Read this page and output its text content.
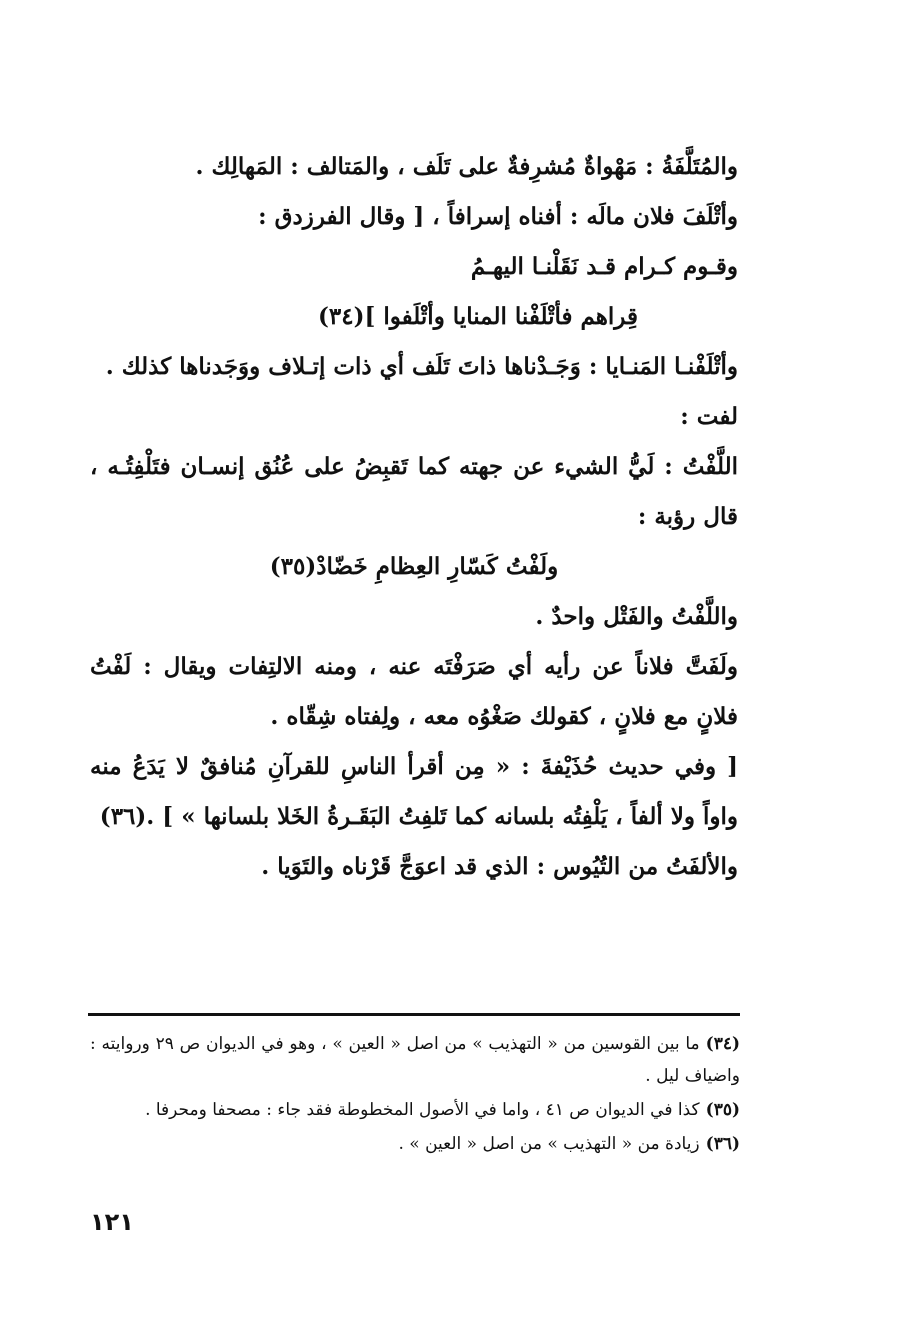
والمُتَلَّفَةُ : مَهْواةٌ مُشرِفةٌ على تَلَف ، والمَتالف : المَهالِك .

وأتْلَفَ فلان مالَه : أفناه إسرافاً ، [ وقال الفرزدق :

وقـوم كـرام قـد نَقَلْنـا اليهـمُ

قِراهم فأتْلَفْنا المنايا وأتْلَفوا ](٣٤)

وأتْلَفْنـا المَنـايا : وَجَـدْناها ذاتَ تَلَف أي ذات إتـلاف ووَجَدناها كذلك .

لفت :

اللَّفْتُ : لَيُّ الشيء عن جهته كما تَقبِضُ على عُنُق إنسـان فتَلْفِتُـه ، قال رؤبة :

ولَفْتُ كَسّارِ العِظامِ خَضّادْ(٣٥)

واللَّفْتُ والفَتْل واحدٌ .

ولَفَتَّ فلاناً عن رأيه أي صَرَفْتَه عنه ، ومنه الالتِفات ويقال : لَفْتُ فلانٍ مع فلانٍ ، كقولك صَغْوُه معه ، ولِفتاه شِقّاه .

[ وفي حديث حُذَيْفةَ : « مِن أقرأ الناسِ للقرآنِ مُنافقٌ لا يَدَعُ منه واواً ولا ألفاً ، يَلْفِتُه بلسانه كما تَلفِتُ البَقَـرةُ الخَلا بلسانها » ] .(٣٦)

والألفَتُ من التُيُوس : الذي قد اعوَجَّ قَرْناه والتَوَيا .

(٣٤)ما بين القوسين من « التهذيب » من اصل « العين » ، وهو في الديوان ص ٢٩ وروايته : واضياف ليل .

(٣٥)كذا في الديوان ص ٤١ ، واما في الأصول المخطوطة فقد جاء : مصحفا ومحرفا .

(٣٦)زيادة من « التهذيب » من اصل « العين » .

١٢١
